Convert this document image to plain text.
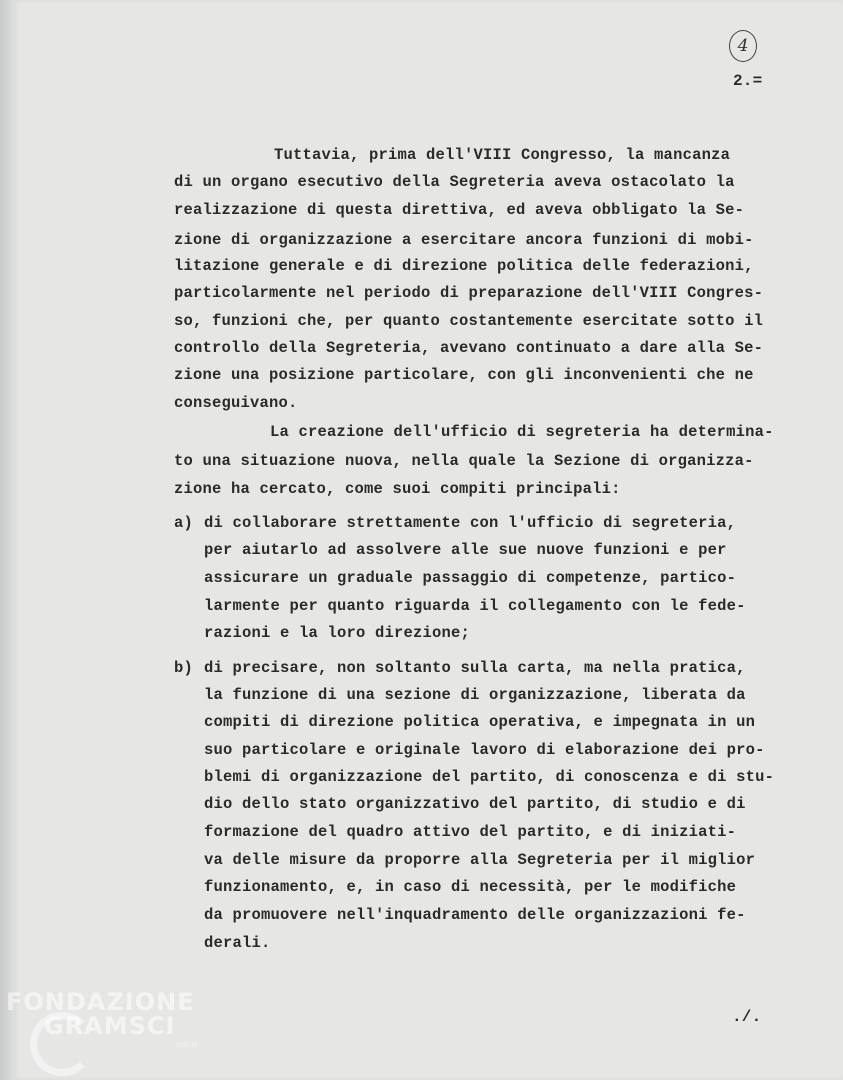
4
2.=
Tuttavia, prima dell'VIII Congresso, la mancanza
di un organo esecutivo della Segreteria aveva ostacolato la
realizzazione di questa direttiva, ed aveva obbligato la Se-
zione di organizzazione a esercitare ancora funzioni di mobi-
litazione generale e di direzione politica delle federazioni,
particolarmente nel periodo di preparazione dell'VIII Congres-
so, funzioni che, per quanto costantemente esercitate sotto il
controllo della Segreteria, avevano continuato a dare alla Se-
zione una posizione particolare, con gli inconvenienti che ne
conseguivano.
La creazione dell'ufficio di segreteria ha determina-
to una situazione nuova, nella quale la Sezione di organizza-
zione ha cercato, come suoi compiti principali:
a) di collaborare strettamente con l'ufficio di segreteria,
per aiutarlo ad assolvere alle sue nuove funzioni e per
assicurare un graduale passaggio di competenze, partico-
larmente per quanto riguarda il collegamento con le fede-
razioni e la loro direzione;
b) di precisare, non soltanto sulla carta, ma nella pratica,
la funzione di una sezione di organizzazione, liberata da
compiti di direzione politica operativa, e impegnata in un
suo particolare e originale lavoro di elaborazione dei pro-
blemi di organizzazione del partito, di conoscenza e di stu-
dio dello stato organizzativo del partito, di studio e di
formazione del quadro attivo del partito, e di iniziati-
va delle misure da proporre alla Segreteria per il miglior
funzionamento, e, in caso di necessità, per le modifiche
da promuovere nell'inquadramento delle organizzazioni fe-
derali.
./.
FONDAZIONE
GRAMSCI
onlus
